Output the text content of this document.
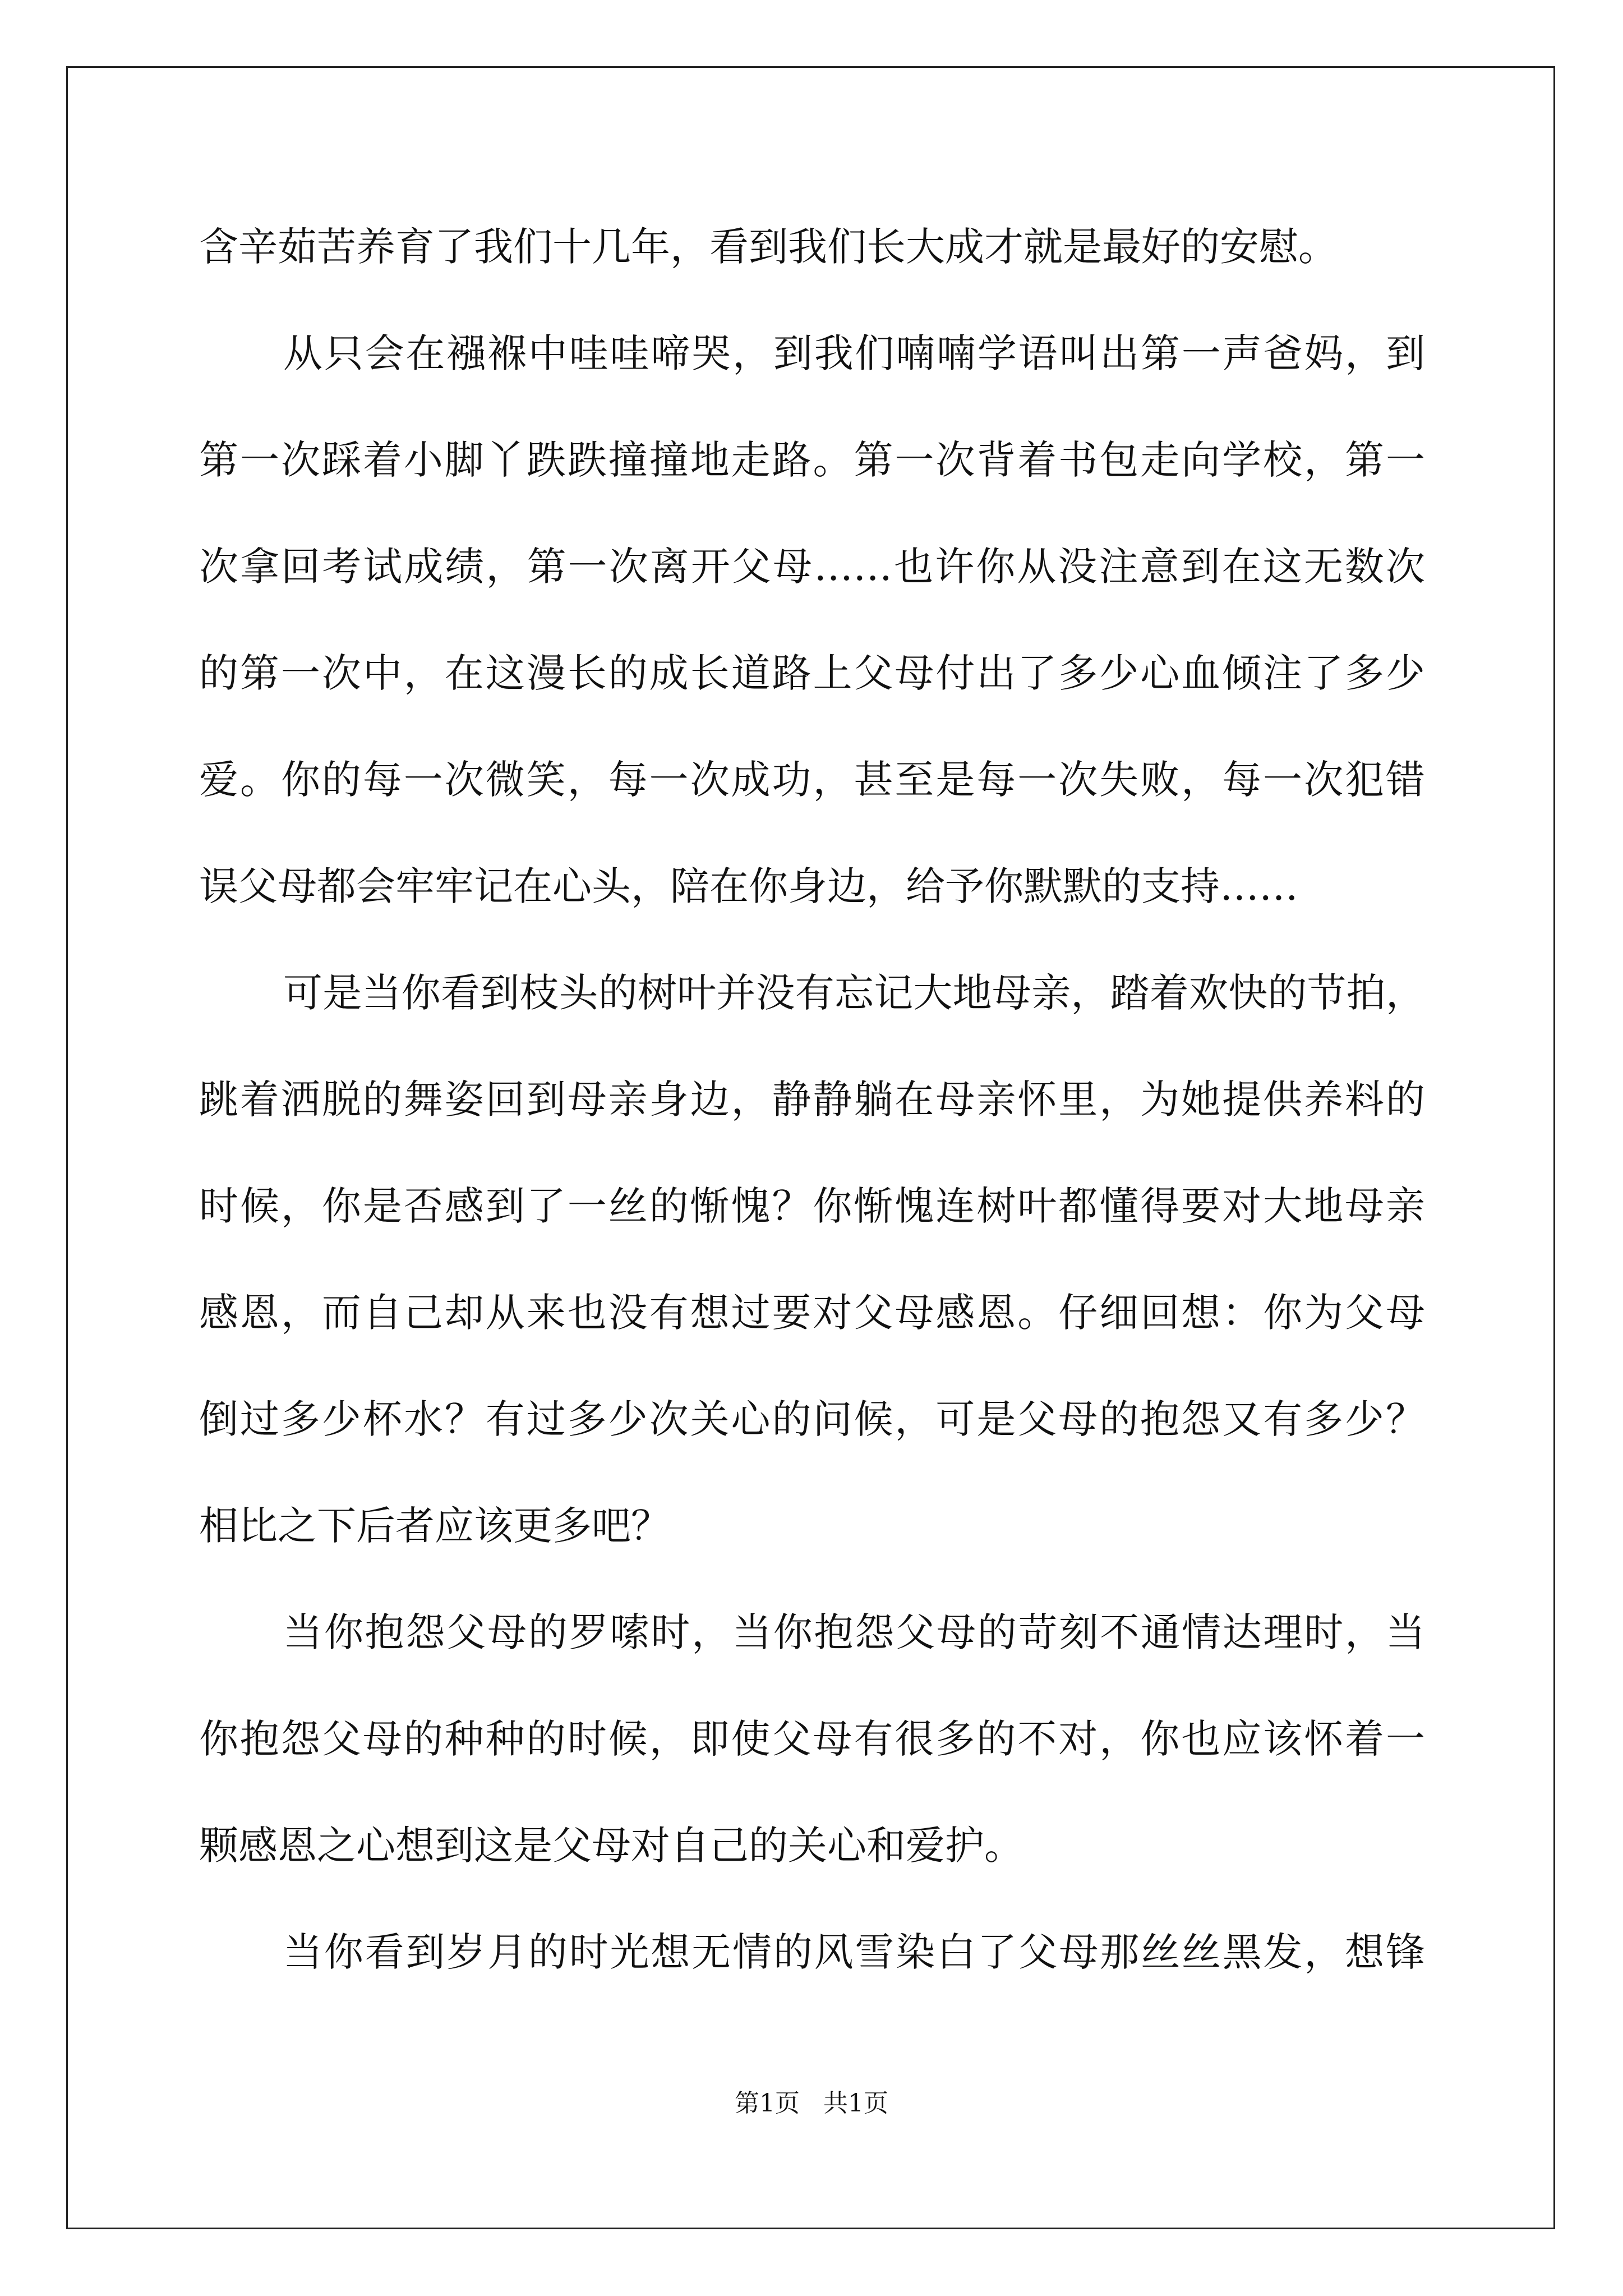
含辛茹苦养育了我们十几年，看到我们长大成才就是最好的安慰。
从只会在襁褓中哇哇啼哭，到我们喃喃学语叫出第一声爸妈，到
第一次踩着小脚丫跌跌撞撞地走路。第一次背着书包走向学校，第一
次拿回考试成绩，第一次离开父母……也许你从没注意到在这无数次
的第一次中，在这漫长的成长道路上父母付出了多少心血倾注了多少
爱。你的每一次微笑，每一次成功，甚至是每一次失败，每一次犯错
误父母都会牢牢记在心头，陪在你身边，给予你默默的支持……
可是当你看到枝头的树叶并没有忘记大地母亲，踏着欢快的节拍，
跳着洒脱的舞姿回到母亲身边，静静躺在母亲怀里，为她提供养料的
时候，你是否感到了一丝的惭愧？你惭愧连树叶都懂得要对大地母亲
感恩，而自己却从来也没有想过要对父母感恩。仔细回想：你为父母
倒过多少杯水？有过多少次关心的问候，可是父母的抱怨又有多少？
相比之下后者应该更多吧？
当你抱怨父母的罗嗦时，当你抱怨父母的苛刻不通情达理时，当
你抱怨父母的种种的时候，即使父母有很多的不对，你也应该怀着一
颗感恩之心想到这是父母对自己的关心和爱护。
当你看到岁月的时光想无情的风雪染白了父母那丝丝黑发，想锋
第1页   共1页
